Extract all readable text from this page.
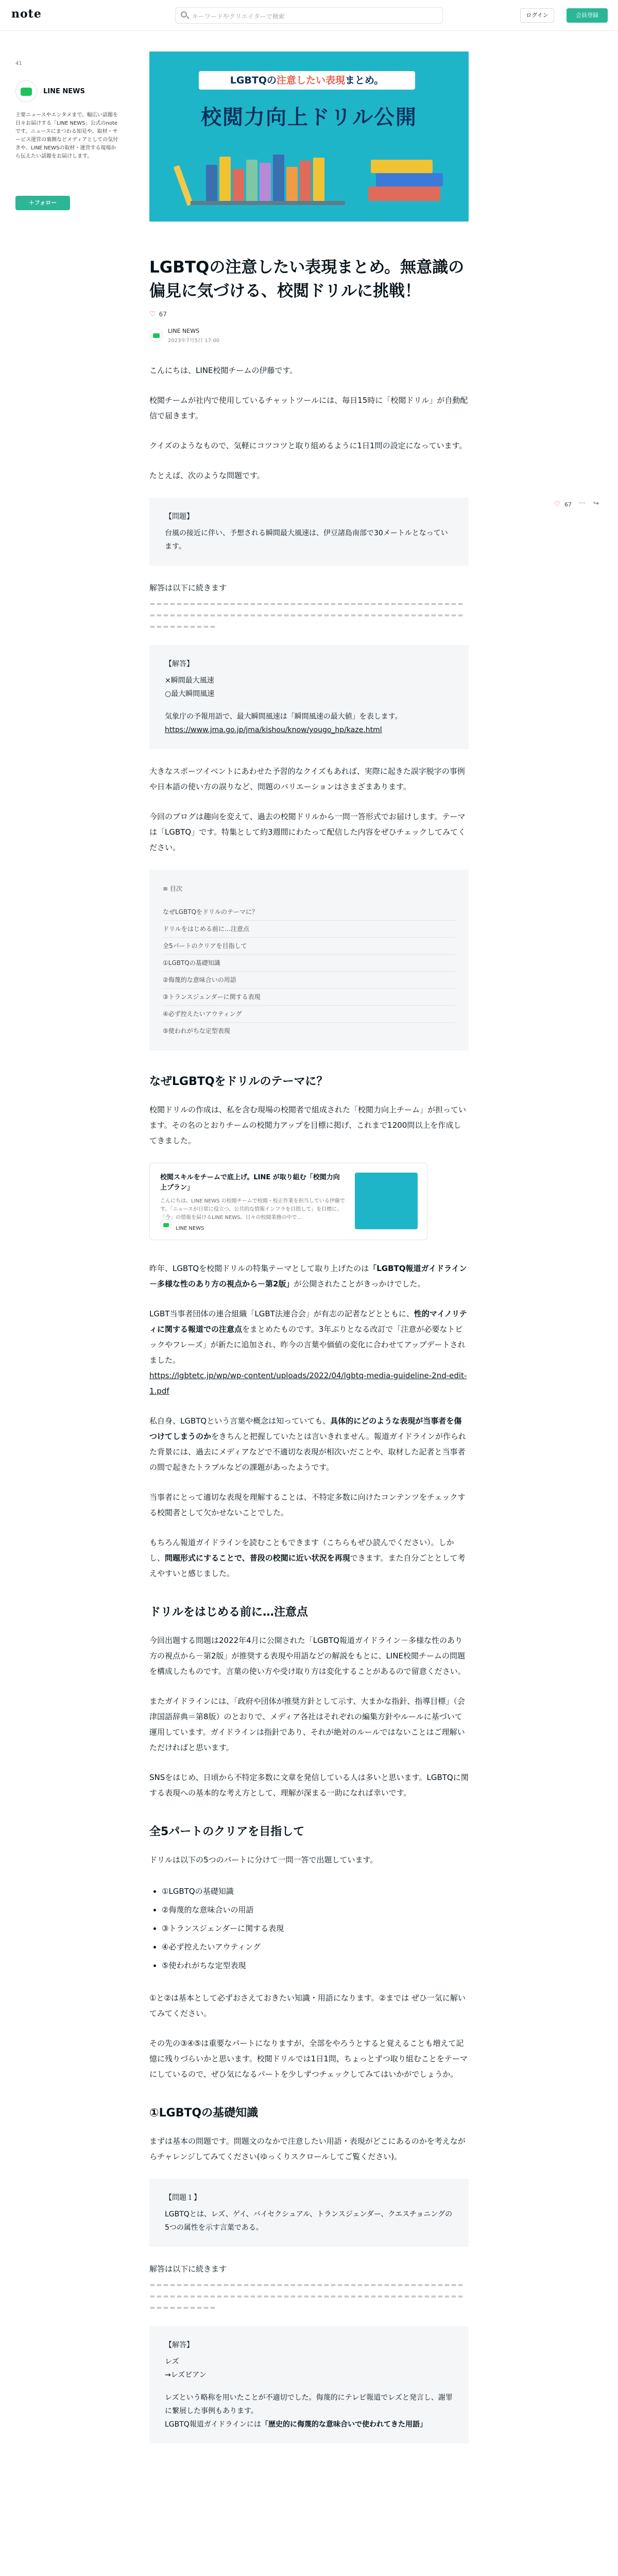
note	キーワードやクリエイターで検索	ログイン	会員登録
41
LINE NEWS
主要ニュースやエンタメまで、幅広い話題を日々お届けする「LINE NEWS」公式のnoteです。ニュースにまつわる知見や、取材・サービス運営の裏側などメディアとしての気付きや、LINE NEWSの取材・運営する現場から伝えたい話題をお届けします。
＋フォロー
♡ 67 ··· ↪
LGBTQの注意したい表現まとめ。
校閲力向上ドリル公開
LGBTQの注意したい表現まとめ。無意識の偏見に気づける、校閲ドリルに挑戦！
♡ 67
LINE NEWS
2023年7月5日 17:00

こんにちは、LINE校閲チームの伊藤です。

校閲チームが社内で使用しているチャットツールには、毎日15時に「校閲ドリル」が自動配信で届きます。

クイズのようなもので、気軽にコツコツと取り組めるように1日1問の設定になっています。

たとえば、次のような問題です。

【問題】
台風の接近に伴い、予想される瞬間最大風速は、伊豆諸島南部で30メートルとなっています。

解答は以下に続きます

＝＝＝＝＝＝＝＝＝＝＝＝＝＝＝＝＝＝＝＝＝＝＝＝＝＝＝＝＝＝＝＝＝＝＝＝＝＝＝＝＝＝＝＝＝＝＝＝＝＝＝＝＝＝＝＝＝＝＝＝＝＝＝＝＝＝＝＝＝＝＝＝＝＝＝＝＝＝＝＝＝＝＝＝＝＝＝＝＝＝＝＝＝＝＝＝＝＝＝＝＝＝＝＝
【解答】
×瞬間最大風速
○最大瞬間風速
気象庁の予報用語で、最大瞬間風速は「瞬間風速の最大値」を表します。
https://www.jma.go.jp/jma/kishou/know/yougo_hp/kaze.html

大きなスポーツイベントにあわせた予習的なクイズもあれば、実際に起きた誤字脱字の事例や日本語の使い方の誤りなど、問題のバリエーションはさまざまあります。

今回のブログは趣向を変えて、過去の校閲ドリルから一問一答形式でお届けします。テーマは「LGBTQ」です。特集として約3週間にわたって配信した内容をぜひチェックしてみてください。

≡ 目次
なぜLGBTQをドリルのテーマに？
ドリルをはじめる前に…注意点
全5パートのクリアを目指して
①LGBTQの基礎知識
②侮蔑的な意味合いの用語
③トランスジェンダーに関する表現
④必ず控えたいアウティング
⑤使われがちな定型表現
なぜLGBTQをドリルのテーマに？

校閲ドリルの作成は、私を含む現場の校閲者で組成された「校閲力向上チーム」が担っています。その名のとおりチームの校閲力アップを目標に掲げ、これまで1200問以上を作成してきました。

校閲スキルをチームで底上げ。LINE が取り組む「校閲力向上プラン」
こんにちは。LINE NEWS の校閲チームで校閲・校正作業を担当している伊藤です。「ニュースが日常に役立つ、公共的な情報インフラを目指して」を目標に、「今」の情報を届けるLINE NEWS。日々の校閲業務の中で...
LINE NEWS

昨年、LGBTQを校閲ドリルの特集テーマとして取り上げたのは「LGBTQ報道ガイドライン－多様な性のあり方の視点から－第2版」が公開されたことがきっかけでした。

LGBT当事者団体の連合組織「LGBT法連合会」が有志の記者などとともに、性的マイノリティに関する報道での注意点をまとめたものです。3年ぶりとなる改訂で「注意が必要なトピックやフレーズ」が新たに追加され、昨今の言葉や価値の変化に合わせてアップデートされました。
https://lgbtetc.jp/wp/wp-content/uploads/2022/04/lgbtq-media-guideline-2nd-edit-1.pdf

私自身、LGBTQという言葉や概念は知っていても、具体的にどのような表現が当事者を傷つけてしまうのかをきちんと把握していたとは言いきれません。報道ガイドラインが作られた背景には、過去にメディアなどで不適切な表現が相次いだことや、取材した記者と当事者の間で起きたトラブルなどの課題があったようです。

当事者にとって適切な表現を理解することは、不特定多数に向けたコンテンツをチェックする校閲者として欠かせないことでした。

もちろん報道ガイドラインを読むこともできます（こちらもぜひ読んでください）。しかし、問題形式にすることで、普段の校閲に近い状況を再現できます。また自分ごととして考えやすいと感じました。

ドリルをはじめる前に…注意点

今回出題する問題は2022年4月に公開された「LGBTQ報道ガイドライン－多様な性のあり方の視点から－第2版」が推奨する表現や用語などの解説をもとに、LINE校閲チームの問題を構成したものです。言葉の使い方や受け取り方は変化することがあるので留意ください。

またガイドラインには、「政府や団体が推奨方針として示す、大まかな指針、指導目標」（会津国語辞典＝第8版）のとおりで、メディア各社はそれぞれの編集方針やルールに基づいて運用しています。ガイドラインは指針であり、それが絶対のルールではないことはご理解いただければと思います。

SNSをはじめ、日頃から不特定多数に文章を発信している人は多いと思います。LGBTQに関する表現への基本的な考え方として、理解が深まる一助になれば幸いです。

全5パートのクリアを目指して

ドリルは以下の5つのパートに分けて一問一答で出題しています。

①LGBTQの基礎知識
②侮蔑的な意味合いの用語
③トランスジェンダーに関する表現
④必ず控えたいアウティング
⑤使われがちな定型表現

①と②は基本として必ずおさえておきたい知識・用語になります。②までは ぜひ一気に解いてみてください。

その先の③④⑤は重要なパートになりますが、全部をやろうとすると覚えることも増えて記憶に残りづらいかと思います。校閲ドリルでは1日1問、ちょっとずつ取り組むことをテーマにしているので、ぜひ気になるパートを少しずつチェックしてみてはいかがでしょうか。

①LGBTQの基礎知識

まずは基本の問題です。問題文のなかで注意したい用語・表現がどこにあるのかを考えながらチャレンジしてみてください(ゆっくりスクロールしてご覧ください)。

【問題１】
LGBTQとは、レズ、ゲイ、バイセクシュアル、トランスジェンダー、クエスチョニングの5つの属性を示す言葉である。

解答は以下に続きます

＝＝＝＝＝＝＝＝＝＝＝＝＝＝＝＝＝＝＝＝＝＝＝＝＝＝＝＝＝＝＝＝＝＝＝＝＝＝＝＝＝＝＝＝＝＝＝＝＝＝＝＝＝＝＝＝＝＝＝＝＝＝＝＝＝＝＝＝＝＝＝＝＝＝＝＝＝＝＝＝＝＝＝＝＝＝＝＝＝＝＝＝＝＝＝＝＝＝＝＝＝＝＝＝
【解答】
レズ
→レズビアン
レズという略称を用いたことが不適切でした。侮蔑的にテレビ報道でレズと発言し、謝罪に繋展した事例もあります。
LGBTQ報道ガイドラインには「歴史的に侮蔑的な意味合いで使われてきた用語」
